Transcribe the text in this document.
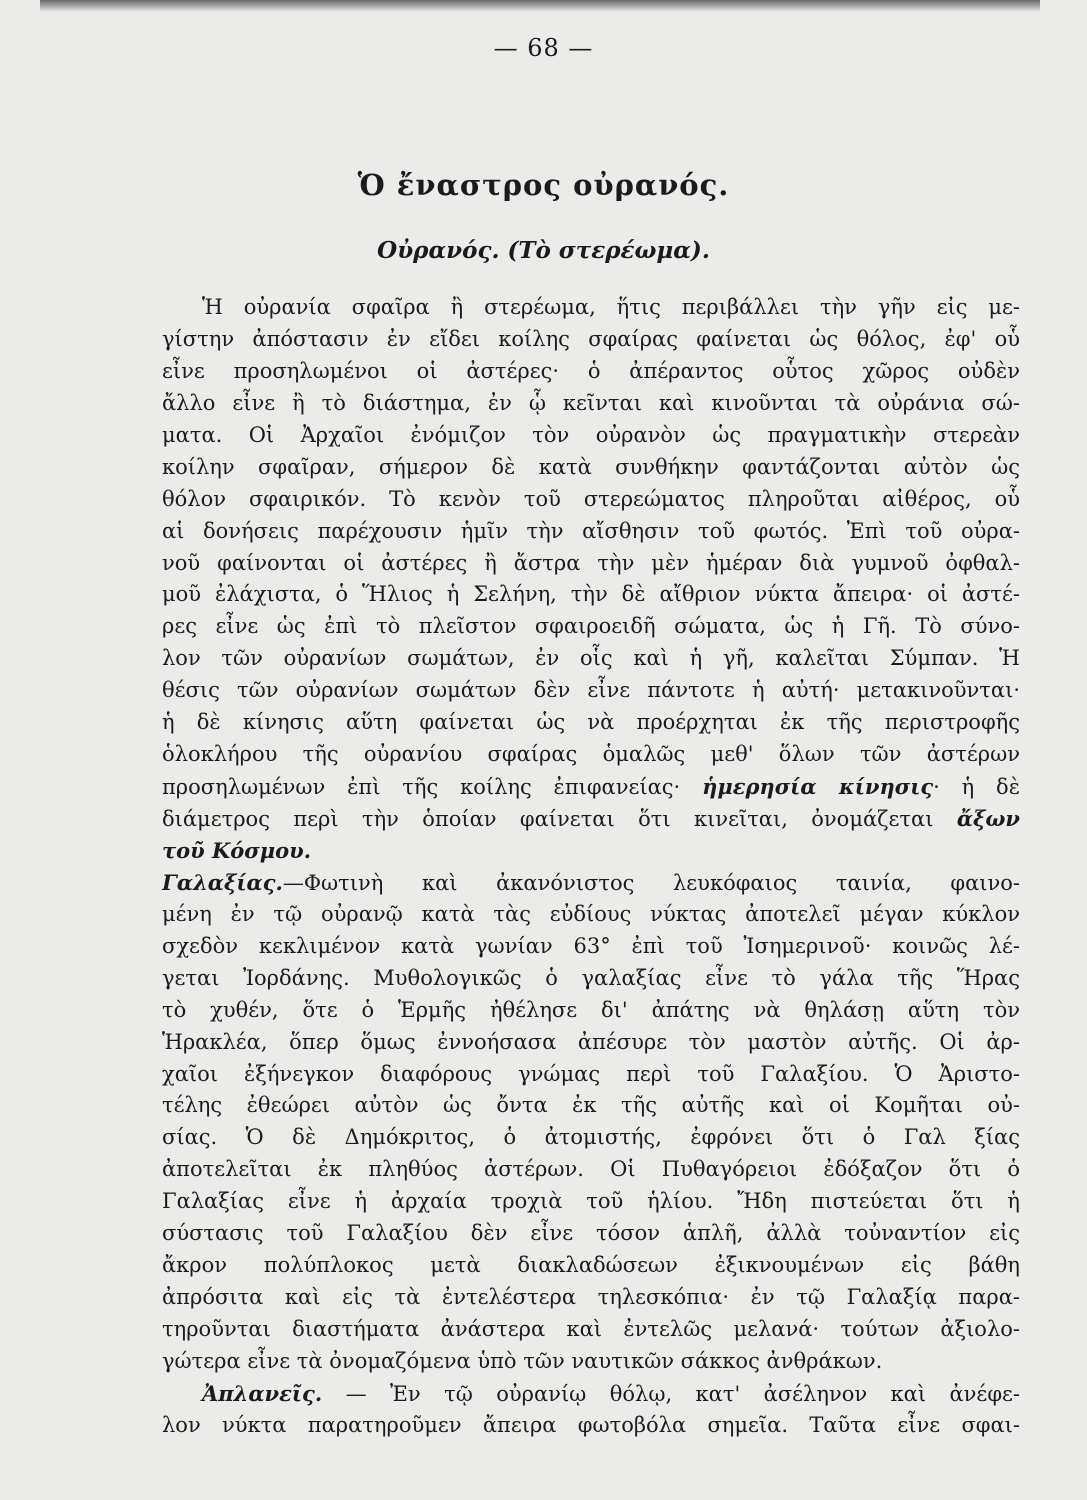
— 68 —
Ὁ ἔναστρος οὐρανός.
Οὐρανός. (Τὸ στερέωμα).
Ἡ οὐρανία σφαῖρα ἢ στερέωμα, ἥτις περιβάλλει τὴν γῆν εἰς με-
γίστην ἀπόστασιν ἐν εἴδει κοίλης σφαίρας φαίνεται ὡς θόλος, ἐφ' οὗ
εἶνε προσηλωμένοι οἱ ἀστέρες· ὁ ἀπέραντος οὗτος χῶρος οὐδὲν
ἄλλο εἶνε ἢ τὸ διάστημα, ἐν ᾧ κεῖνται καὶ κινοῦνται τὰ οὐράνια σώ-
ματα. Οἱ Ἀρχαῖοι ἐνόμιζον τὸν οὐρανὸν ὡς πραγματικὴν στερεὰν
κοίλην σφαῖραν, σήμερον δὲ κατὰ συνθήκην φαντάζονται αὐτὸν ὡς
θόλον σφαιρικόν. Τὸ κενὸν τοῦ στερεώματος πληροῦται αἰθέρος, οὗ
αἱ δονήσεις παρέχουσιν ἡμῖν τὴν αἴσθησιν τοῦ φωτός. Ἐπὶ τοῦ οὐρα-
νοῦ φαίνονται οἱ ἀστέρες ἢ ἄστρα τὴν μὲν ἡμέραν διὰ γυμνοῦ ὀφθαλ-
μοῦ ἐλάχιστα, ὁ Ἥλιος ἡ Σελήνη, τὴν δὲ αἴθριον νύκτα ἄπειρα· οἱ ἀστέ-
ρες εἶνε ὡς ἐπὶ τὸ πλεῖστον σφαιροειδῆ σώματα, ὡς ἡ Γῆ. Τὸ σύνο-
λον τῶν οὐρανίων σωμάτων, ἐν οἷς καὶ ἡ γῆ, καλεῖται Σύμπαν. Ἡ
θέσις τῶν οὐρανίων σωμάτων δὲν εἶνε πάντοτε ἡ αὐτή· μετακινοῦνται·
ἡ δὲ κίνησις αὕτη φαίνεται ὡς νὰ προέρχηται ἐκ τῆς περιστροφῆς
ὁλοκλήρου τῆς οὐρανίου σφαίρας ὁμαλῶς μεθ' ὅλων τῶν ἀστέρων
προσηλωμένων ἐπὶ τῆς κοίλης ἐπιφανείας· ἡμερησία κίνησις· ἡ δὲ
διάμετρος περὶ τὴν ὁποίαν φαίνεται ὅτι κινεῖται, ὀνομάζεται ἄξων
τοῦ Κόσμου.
Γαλαξίας.—Φωτινὴ καὶ ἀκανόνιστος λευκόφαιος ταινία, φαινο-
μένη ἐν τῷ οὐρανῷ κατὰ τὰς εὐδίους νύκτας ἀποτελεῖ μέγαν κύκλον
σχεδὸν κεκλιμένον κατὰ γωνίαν 63° ἐπὶ τοῦ Ἰσημερινοῦ· κοινῶς λέ-
γεται Ἰορδάνης. Μυθολογικῶς ὁ γαλαξίας εἶνε τὸ γάλα τῆς Ἥρας
τὸ χυθέν, ὅτε ὁ Ἑρμῆς ἠθέλησε δι' ἀπάτης νὰ θηλάσῃ αὕτη τὸν
Ἡρακλέα, ὅπερ ὅμως ἐννοήσασα ἀπέσυρε τὸν μαστὸν αὐτῆς. Οἱ ἀρ-
χαῖοι ἐξήνεγκον διαφόρους γνώμας περὶ τοῦ Γαλαξίου. Ὁ Ἀριστο-
τέλης ἐθεώρει αὐτὸν ὡς ὄντα ἐκ τῆς αὐτῆς καὶ οἱ Κομῆται οὐ-
σίας. Ὁ δὲ Δημόκριτος, ὁ ἀτομιστής, ἐφρόνει ὅτι ὁ Γαλ ξίας
ἀποτελεῖται ἐκ πληθύος ἀστέρων. Οἱ Πυθαγόρειοι ἐδόξαζον ὅτι ὁ
Γαλαξίας εἶνε ἡ ἀρχαία τροχιὰ τοῦ ἡλίου. Ἤδη πιστεύεται ὅτι ἡ
σύστασις τοῦ Γαλαξίου δὲν εἶνε τόσον ἁπλῆ, ἀλλὰ τοὐναντίον εἰς
ἄκρον πολύπλοκος μετὰ διακλαδώσεων ἐξικνουμένων εἰς βάθη
ἀπρόσιτα καὶ εἰς τὰ ἐντελέστερα τηλεσκόπια· ἐν τῷ Γαλαξίᾳ παρα-
τηροῦνται διαστήματα ἀνάστερα καὶ ἐντελῶς μελανά· τούτων ἀξιολο-
γώτερα εἶνε τὰ ὀνομαζόμενα ὑπὸ τῶν ναυτικῶν σάκκος ἀνθράκων.
Ἀπλανεῖς. — Ἐν τῷ οὐρανίῳ θόλῳ, κατ' ἀσέληνον καὶ ἀνέφε-
λον νύκτα παρατηροῦμεν ἄπειρα φωτοβόλα σημεῖα. Ταῦτα εἶνε σφαι-
